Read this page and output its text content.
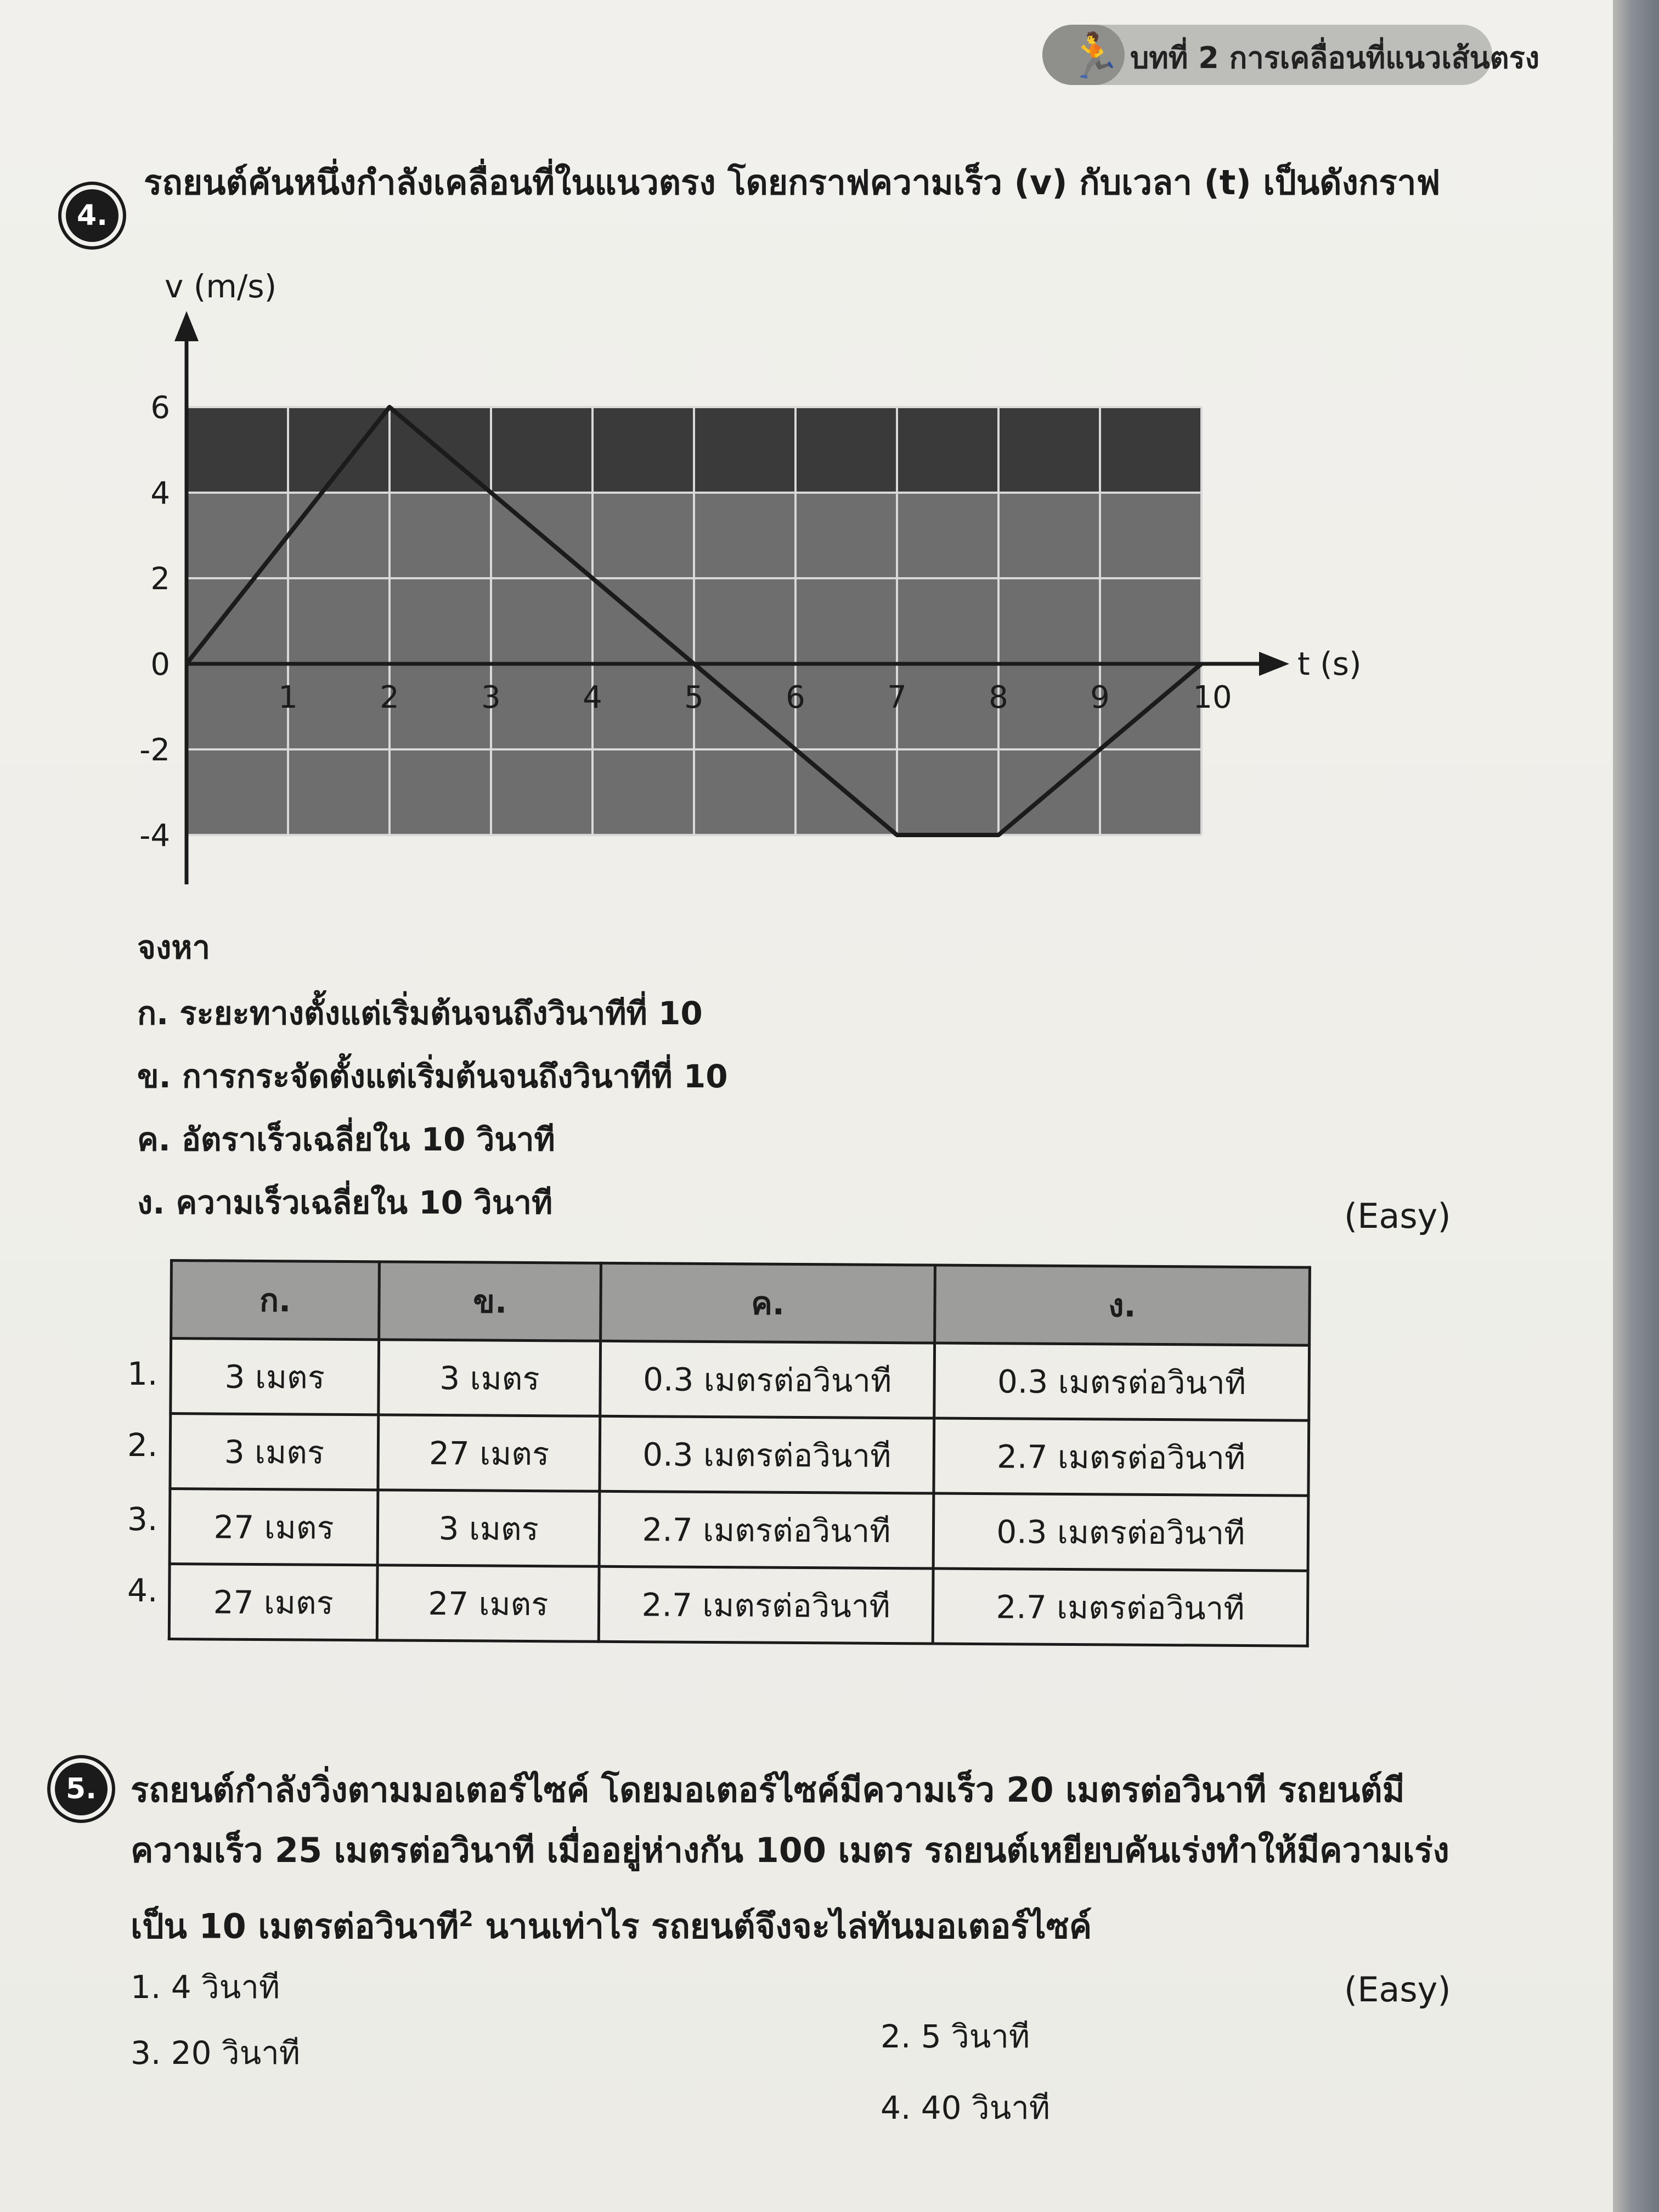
🏃 บทที่ 2 การเคลื่อนที่แนวเส้นตรง
4.
รถยนต์คันหนึ่งกำลังเคลื่อนที่ในแนวตรง โดยกราฟความเร็ว (v) กับเวลา (t) เป็นดังกราฟ
1	2	3	4	5	6	7	8	9	10
6
4
2
0
-2
-4
v (m/s)
t (s)
จงหา
ก. ระยะทางตั้งแต่เริ่มต้นจนถึงวินาทีที่ 10
ข. การกระจัดตั้งแต่เริ่มต้นจนถึงวินาทีที่ 10
ค. อัตราเร็วเฉลี่ยใน 10 วินาที
ง. ความเร็วเฉลี่ยใน 10 วินาที	(Easy)
1.
2.
3.
4.
ก.	ข.	ค.	ง.
3 เมตร	3 เมตร	0.3 เมตรต่อวินาที	0.3 เมตรต่อวินาที
3 เมตร	27 เมตร	0.3 เมตรต่อวินาที	2.7 เมตรต่อวินาที
27 เมตร	3 เมตร	2.7 เมตรต่อวินาที	0.3 เมตรต่อวินาที
27 เมตร	27 เมตร	2.7 เมตรต่อวินาที	2.7 เมตรต่อวินาที
5.	รถยนต์กำลังวิ่งตามมอเตอร์ไซค์ โดยมอเตอร์ไซค์มีความเร็ว 20 เมตรต่อวินาที รถยนต์มี
ความเร็ว 25 เมตรต่อวินาที เมื่ออยู่ห่างกัน 100 เมตร รถยนต์เหยียบคันเร่งทำให้มีความเร่ง
เป็น 10 เมตรต่อวินาที$^2$ นานเท่าไร รถยนต์จึงจะไล่ทันมอเตอร์ไซค์
1. 4 วินาที
2. 5 วินาที
3. 20 วินาที
4. 40 วินาที
(Easy)
